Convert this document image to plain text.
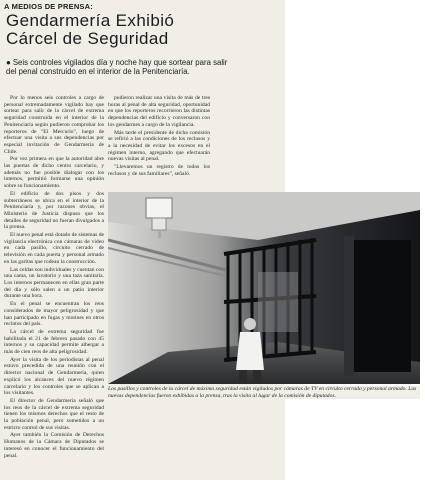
A MEDIOS DE PRENSA:
Gendarmería Exhibió
Cárcel de Seguridad
● Seis controles vigilados día y noche hay que sortear para salir del penal construido en el interior de la Penitenciaría.

Por lo menos seis controles a cargo de personal extremadamente vigilado hay que sortear para salir de la cárcel de extrema seguridad construida en el interior de la Penitenciaría según pudieron comprobar los reporteros de "El Mercurio", luego de efectuar una visita a sus dependencias por especial invitación de Gendarmería de Chile.

Por vez primera en que la autoridad abre las puertas de dicho centro carcelario, y además no fue posible dialogar con los internos, permitió formarse una opinión sobre su funcionamiento.

El edificio de dos pisos y dos subterráneos se ubica en el interior de la Penitenciaría y, por razones obvias, el Ministerio de Justicia dispuso que los detalles de seguridad no fueran divulgados a la prensa.

El nuevo penal está dotado de sistemas de vigilancia electrónica con cámaras de video en cada pasillo, circuito cerrado de televisión en cada puerta y personal armado en las garitas que rodean la construcción.

Las celdas son individuales y cuentan con una cama, un lavatorio y una taza sanitaria. Los internos permanecen en ellas gran parte del día y sólo salen a un patio interior durante una hora.

En el penal se encuentran los reos considerados de mayor peligrosidad y que han participado en fugas y motines en otros recintos del país.

La cárcel de extrema seguridad fue habilitada el 21 de febrero pasado con 45 internos y su capacidad permite albergar a más de cien reos de alta peligrosidad.

Ayer la visita de los periodistas al penal estuvo precedida de una reunión con el director nacional de Gendarmería, quien explicó los alcances del nuevo régimen carcelario y los controles que se aplican a los visitantes.

El director de Gendarmería señaló que los reos de la cárcel de extrema seguridad tienen los mismos derechos que el resto de la población penal, pero sometidos a un estricto control de sus visitas.

Ayer también la Comisión de Derechos Humanos de la Cámara de Diputados se interesó en conocer el funcionamiento del penal.

pudieron realizar una visita de más de tres horas al penal de alta seguridad, oportunidad en que los reporteros recorrieron las distintas dependencias del edificio y conversaron con los gendarmes a cargo de la vigilancia.

Más tarde el presidente de dicha comisión se refirió a las condiciones de los reclusos y a la necesidad de evitar los excesos en el régimen interno, agregando que efectuarán nuevas visitas al penal.

"Llevaremos un registro de todos los reclusos y de sus familiares", señaló.

Los pasillos y controles de la cárcel de máxima seguridad están vigilados por cámaras de TV en circuito cerrado y personal armado. Las nuevas dependencias fueron exhibidas a la prensa, tras la visita al lugar de la comisión de diputados.
